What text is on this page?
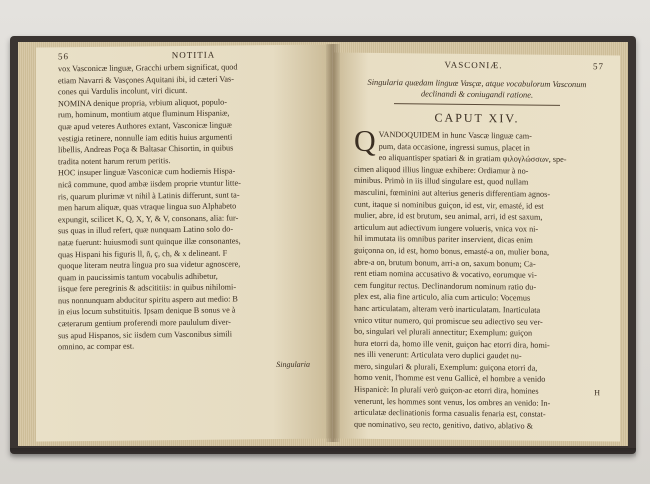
56	NOTITIA

vox Vasconicæ linguæ, Gracchi urbem significat, quod

etiam Navarri & Vasçones Aquitani ibi, id cæteri Vas-

cones qui Vardulis incolunt, viri dicunt.

NOMINA denique propria, vrbium aliquot, populo-

rum, hominum, montium atque fluminum Hispaniæ,

quæ apud veteres Authores extant, Vasconicæ linguæ

vestigia retinere, nonnulle iam editis huius argumenti

libellis, Andreas Poça & Baltasar Chisortin, in quibus

tradita notent harum rerum peritis.

HOC insuper linguæ Vasconicæ cum hodiernis Hispa-

nicâ commune, quod ambæ iisdem proprie vtuntur litte-

ris, quarum plurimæ vt nihil à Latinis differunt, sunt ta-

men harum aliquæ, quas vtraque lingua suo Alphabeto

expungit, scilicet K, Q, X, Y, & V, consonans, alia: fur-

sus quas in illud refert, quæ nunquam Latino solo do-

natæ fuerunt: huiusmodi sunt quinque illæ consonantes,

quas Hispani his figuris ll, ñ, ç, ch, & x delineant. F

quoque literam neutra lingua pro sua videtur agnoscere,

quam in paucissimis tantum vocabulis adhibetur,

iisque fere peregrinis & adscititiis: in quibus nihilomi-

nus nonnunquam abducitur spiritu aspero aut medio: B

in eius locum substituitis. Ipsam denique B sonus ve à

cæterarum gentium proferendi more paululum diver-

sus apud Hispanos, sic iisdem cum Vasconibus simili

omnino, ac compar est.

Singularia
VASCONIÆ.	57
Singularia quædam linguæ Vasçæ, atque vocabulorum Vasconum declinandi & coniugandi ratione.
CAPUT XIV.
Q VANDOQUIDEM in hunc Vascæ linguæ cam-

pum, data occasione, ingressi sumus, placet in

eo aliquantisper spatiari & in gratiam φιλογλώσσων, spe-

cimen aliquod illius linguæ exhibere: Ordiamur à no-

minibus. Primò in iis illud singulare est, quod nullam

masculini, fœminini aut alterius generis differentiam agnos-

cunt, itaque si nominibus guiçon, id est, vir, emasté, id est

mulier, abre, id est brutum, seu animal, arri, id est saxum,

articulum aut adiectivum iungere volueris, vnica vox ni-

hil immutata iis omnibus pariter inservient, dicas enim

guiçonna on, id est, homo bonus, emasté-a on, mulier bona,

abre-a on, brutum bonum, arri-a on, saxum bonum; Ca-

rent etiam nomina accusativo & vocativo, eorumque vi-

cem fungitur rectus. Declinandorum nominum ratio du-

plex est, alia fine articulo, alia cum articulo: Vocemus

hanc articulatam, alteram verò inarticulatam. Inarticulata

vnico vtitur numero, qui promiscue seu adiectivo seu ver-

bo, singulari vel plurali annectitur; Exemplum: guiçon

hura etorri da, homo ille venit, guiçon hac etorri dira, homi-

nes illi venerunt: Articulata vero duplici gaudet nu-

mero, singulari & plurali, Exemplum: guiçona etorri da,

homo venit, l'homme est venu Gallicè, el hombre a venido

Hispanicè: In pluralí verò guiçon-ac etorri dira, homines

venerunt, les hommes sont venus, los ombres an venido: In-

articulatæ declinationis forma casualis fenaria est, constat-

que nominativo, seu recto, genitivo, dativo, ablativo &

H
